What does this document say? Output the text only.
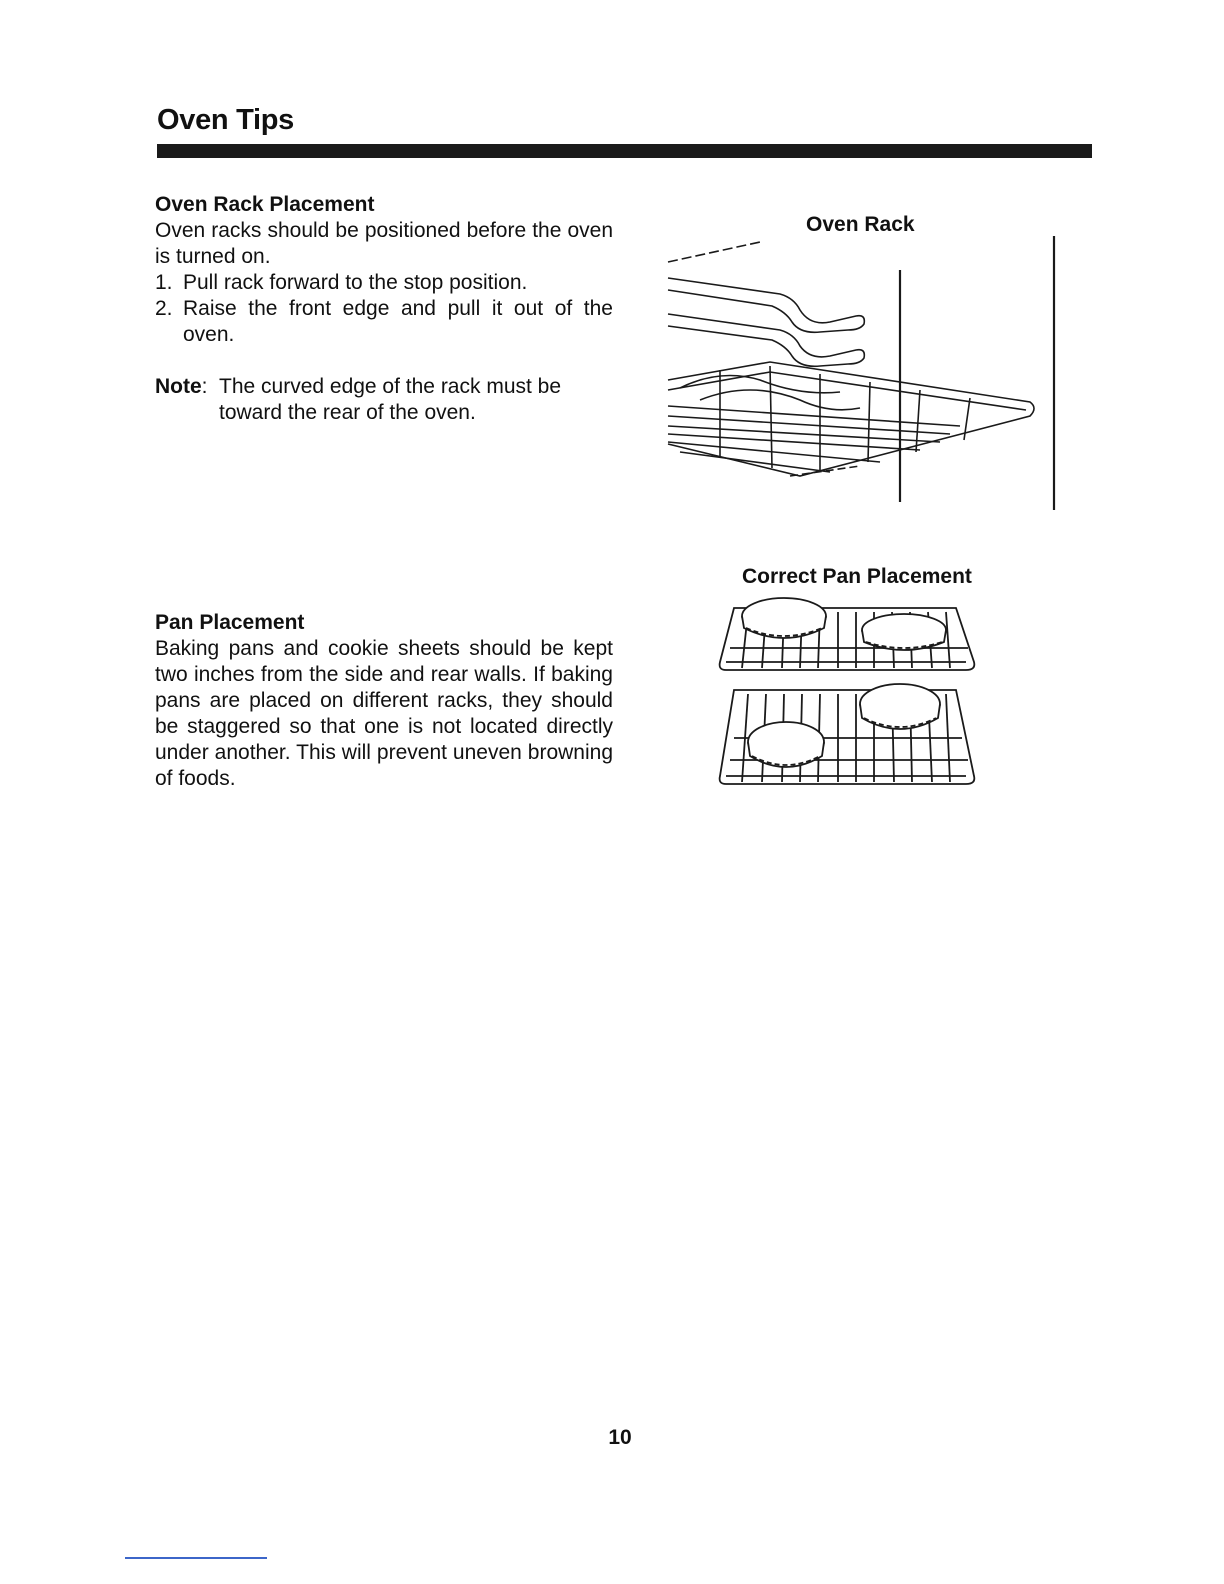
Oven Tips
Oven Rack Placement

Oven racks should be positioned before the oven is turned on.

1. Pull rack forward to the stop position.
2. Raise the front edge and pull it out of the oven.
Note: The curved edge of the rack must be toward the rear of the oven.
Pan Placement

Baking pans and cookie sheets should be kept two inches from the side and rear walls. If baking pans are placed on different racks, they should be staggered so that one is not located directly under another. This will prevent uneven browning of foods.

Oven Rack
Correct Pan Placement
10
